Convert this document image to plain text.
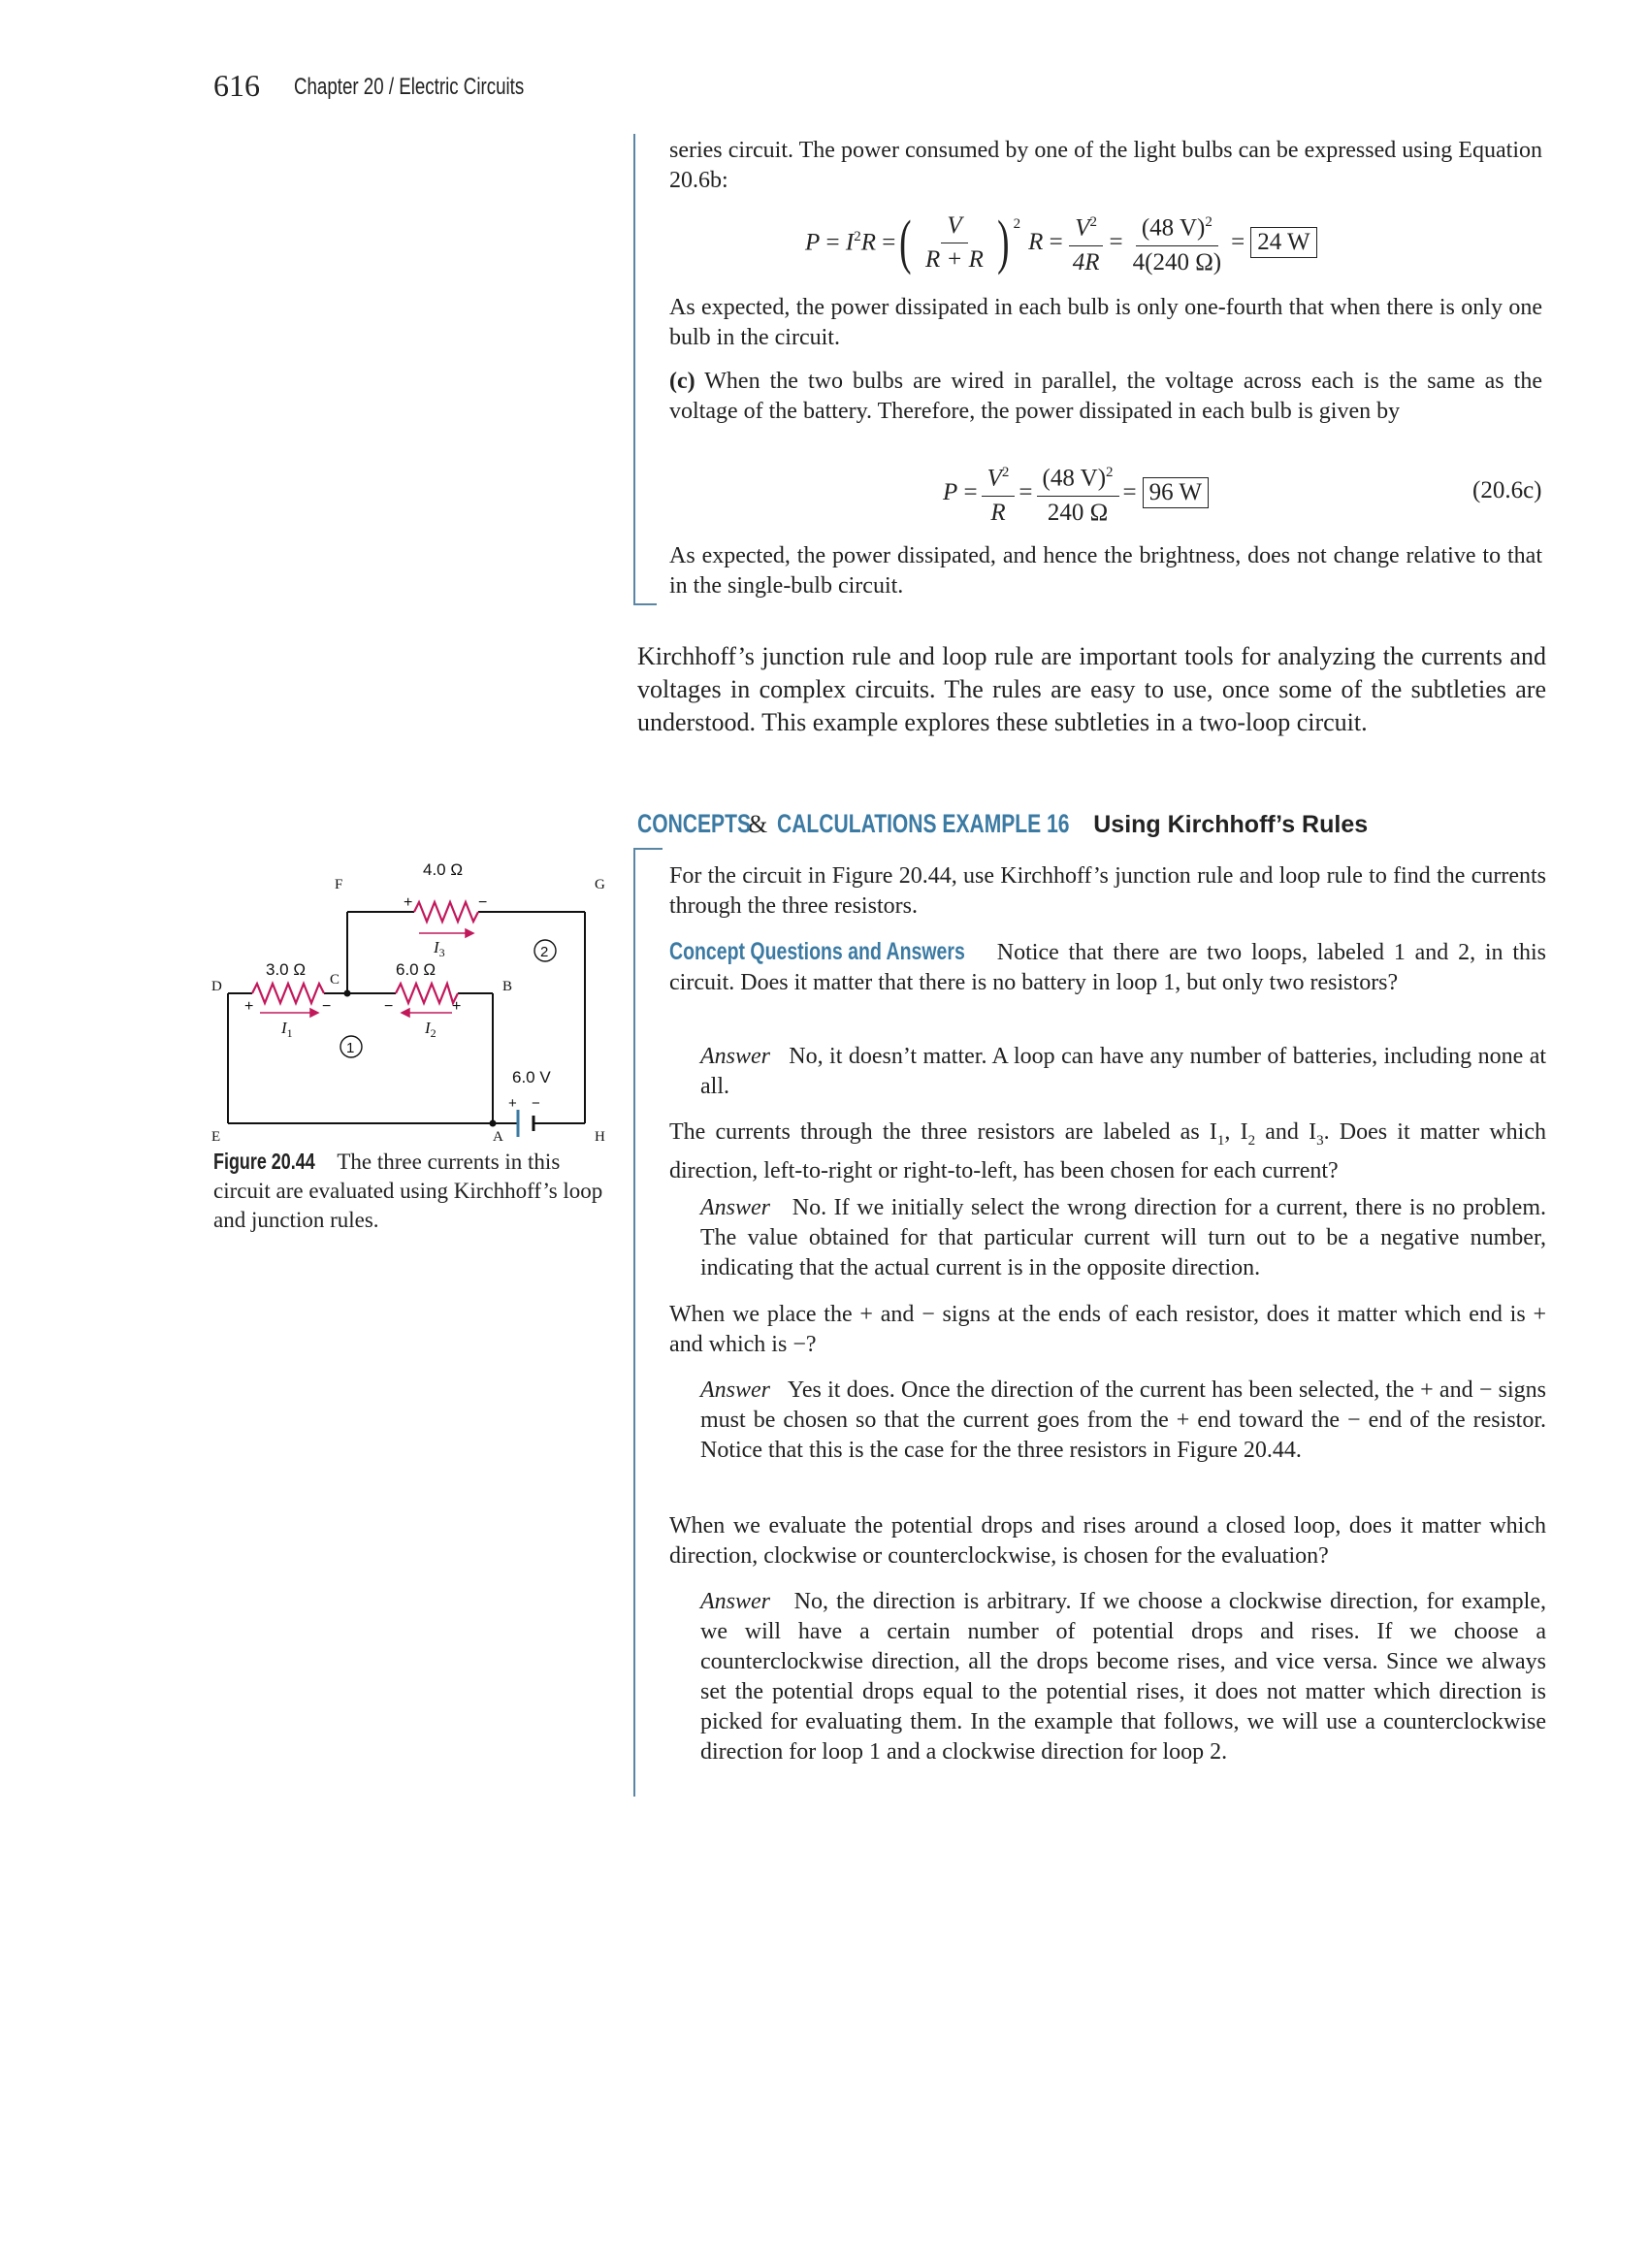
616 Chapter 20 / Electric Circuits
series circuit. The power consumed by one of the light bulbs can be expressed using Equation 20.6b:
$P = I^2R$ = ( $\frac{V}{R + R}$ ) $^2$
$R = \frac{V^2}{4R} = \frac{(48 V)^2}{4(240 \Omega)} = 24$ W
As expected, the power dissipated in each bulb is only one-fourth that when there is only one bulb in the circuit.
(c) When the two bulbs are wired in parallel, the voltage across each is the same as the voltage of the battery. Therefore, the power dissipated in each bulb is given by
$P = \frac{V^2}{R} = \frac{(48 V)^2}{240 \Omega} = 96$ W	(20.6c)
As expected, the power dissipated, and hence the brightness, does not change relative to that in the single-bulb circuit.
Kirchhoff’s junction rule and loop rule are important tools for analyzing the currents and voltages in complex circuits. The rules are easy to use, once some of the subtleties are understood. This example explores these subtleties in a two-loop circuit.
CONCEPTS
& CALCULATIONS EXAMPLE 16 Using Kirchhoff’s Rules
For the circuit in Figure 20.44, use Kirchhoff’s junction rule and loop rule to find the currents through the three resistors.
Concept Questions and Answers Notice that there are two loops, labeled 1 and 2, in this circuit. Does it matter that there is no battery in loop 1, but only two resistors?
Answer No, it doesn’t matter. A loop can have any number of batteries, including none at all.
The currents through the three resistors are labeled as $I_1$, $I_2$ and $I_3$. Does it matter which direction, left-to-right or right-to-left, has been chosen for each current?
Answer No. If we initially select the wrong direction for a current, there is no problem. The value obtained for that particular current will turn out to be a negative number, indicating that the actual current is in the opposite direction.
When we place the + and − signs at the ends of each resistor, does it matter which end is + and which is −?
Answer Yes it does. Once the direction of the current has been selected, the + and − signs must be chosen so that the current goes from the + end toward the − end of the resistor. Notice that this is the case for the three resistors in Figure 20.44.
When we evaluate the potential drops and rises around a closed loop, does it matter which direction, clockwise or counterclockwise, is chosen for the evaluation?
Answer No, the direction is arbitrary. If we choose a clockwise direction, for example, we will have a certain number of potential drops and rises. If we choose a counterclockwise direction, all the drops become rises, and vice versa. Since we always set the potential drops equal to the potential rises, it does not matter which direction is picked for evaluating them. In the example that follows, we will use a counterclockwise direction for loop 1 and a clockwise direction for loop 2.
4.0 Ω
3.0 Ω	6.0 Ω
6.0 V
2
1
+	−
+	−	−	+
+ −
F	G
D	C	B
E	A	H
$I_3$
$I_1$	$I_2$
Figure 20.44 The three currents in this circuit are evaluated using Kirchhoff’s loop and junction rules.
